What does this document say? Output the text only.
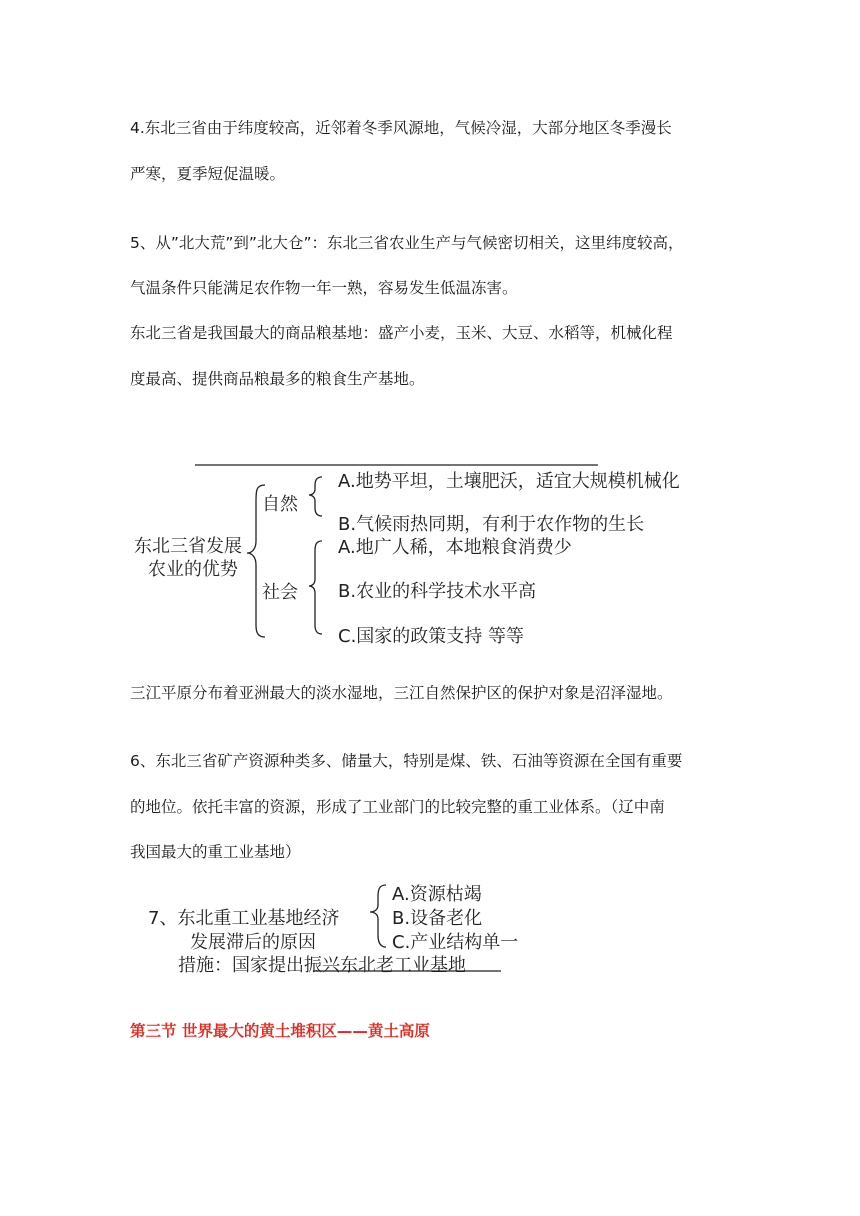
4.东北三省由于纬度较高，近邻着冬季风源地，气候冷湿，大部分地区冬季漫长
严寒，夏季短促温暖。
5、从”北大荒”到”北大仓”：东北三省农业生产与气候密切相关，这里纬度较高，
气温条件只能满足农作物一年一熟，容易发生低温冻害。
东北三省是我国最大的商品粮基地：盛产小麦，玉米、大豆、水稻等，机械化程
度最高、提供商品粮最多的粮食生产基地。
东北三省发展
农业的优势
自然
社会
A.地势平坦，土壤肥沃，适宜大规模机械化
B.气候雨热同期，有利于农作物的生长
A.地广人稀，本地粮食消费少
B.农业的科学技术水平高
C.国家的政策支持 等等
三江平原分布着亚洲最大的淡水湿地，三江自然保护区的保护对象是沼泽湿地。
6、东北三省矿产资源种类多、储量大，特别是煤、铁、石油等资源在全国有重要
的地位。依托丰富的资源，形成了工业部门的比较完整的重工业体系。（辽中南
我国最大的重工业基地）
7、东北重工业基地经济
发展滞后的原因
A.资源枯竭
B.设备老化
C.产业结构单一
措施：国家提出振兴东北老工业基地
第三节 世界最大的黄土堆积区——黄土高原
